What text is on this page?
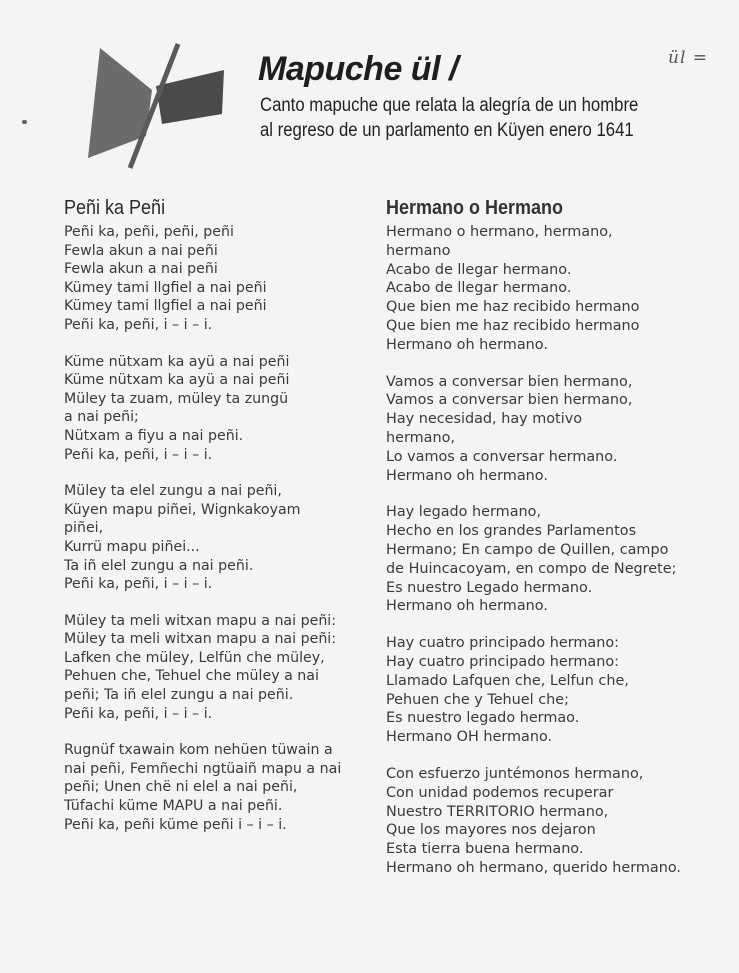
ül =
Mapuche ül /
Canto mapuche que relata la alegría de un hombre
al regreso de un parlamento en Küyen enero 1641
Peñi ka Peñi
Peñi ka, peñi, peñi, peñi
Fewla akun a nai peñi
Fewla akun a nai peñi
Kümey tami llgfiel a nai peñi
Kümey tami llgfiel a nai peñi
Peñi ka, peñi, i – i – i.
Küme nütxam ka ayü a nai peñi
Küme nütxam ka ayü a nai peñi
Müley ta zuam, müley ta zungü
a nai peñi;
Nütxam a fiyu a nai peñi.
Peñi ka, peñi, i – i – i.
Müley ta elel zungu a nai peñi,
Küyen mapu piñei, Wignkakoyam
piñei,
Kurrü mapu piñei...
Ta iñ elel zungu a nai peñi.
Peñi ka, peñi, i – i – i.
Müley ta meli witxan mapu a nai peñi:
Müley ta meli witxan mapu a nai peñi:
Lafken che müley, Lelfün che müley,
Pehuen che, Tehuel che müley a nai
peñi; Ta iñ elel zungu a nai peñi.
Peñi ka, peñi, i – i – i.
Rugnüf txawain kom nehüen tüwain a
nai peñi, Femñechi ngtüaiñ mapu a nai
peñi; Unen chë ni elel a nai peñi,
Tüfachi küme MAPU a nai peñi.
Peñi ka, peñi küme peñi i – i – i.
Hermano o Hermano
Hermano o hermano, hermano,
hermano
Acabo de llegar hermano.
Acabo de llegar hermano.
Que bien me haz recibido hermano
Que bien me haz recibido hermano
Hermano oh hermano.
Vamos a conversar bien hermano,
Vamos a conversar bien hermano,
Hay necesidad, hay motivo
hermano,
Lo vamos a conversar hermano.
Hermano oh hermano.
Hay legado hermano,
Hecho en los grandes Parlamentos
Hermano; En campo de Quillen, campo
de Huincacoyam, en compo de Negrete;
Es nuestro Legado hermano.
Hermano oh hermano.
Hay cuatro principado hermano:
Hay cuatro principado hermano:
Llamado Lafquen che, Lelfun che,
Pehuen che y Tehuel che;
Es nuestro legado hermao.
Hermano OH hermano.
Con esfuerzo juntémonos hermano,
Con unidad podemos recuperar
Nuestro TERRITORIO hermano,
Que los mayores nos dejaron
Esta tierra buena hermano.
Hermano oh hermano, querido hermano.
